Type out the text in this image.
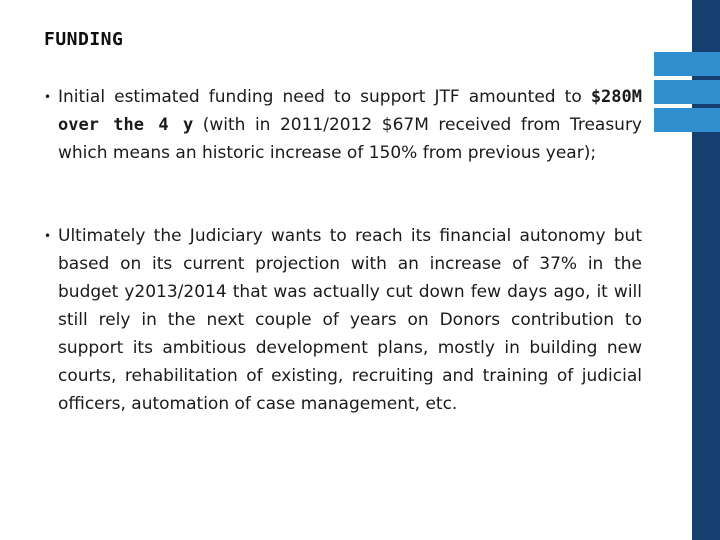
FUNDING
• Initial estimated funding need to support JTF amounted to $280M over the 4 y (with in 2011/2012 $67M received from Treasury which means an historic increase of 150% from previous year);

• Ultimately the Judiciary wants to reach its financial autonomy but based on its current projection with an increase of 37% in the budget y2013/2014 that was actually cut down few days ago, it will still rely in the next couple of years on Donors contribution to support its ambitious development plans, mostly in building new courts, rehabilitation of existing, recruiting and training of judicial officers, automation of case management, etc.
